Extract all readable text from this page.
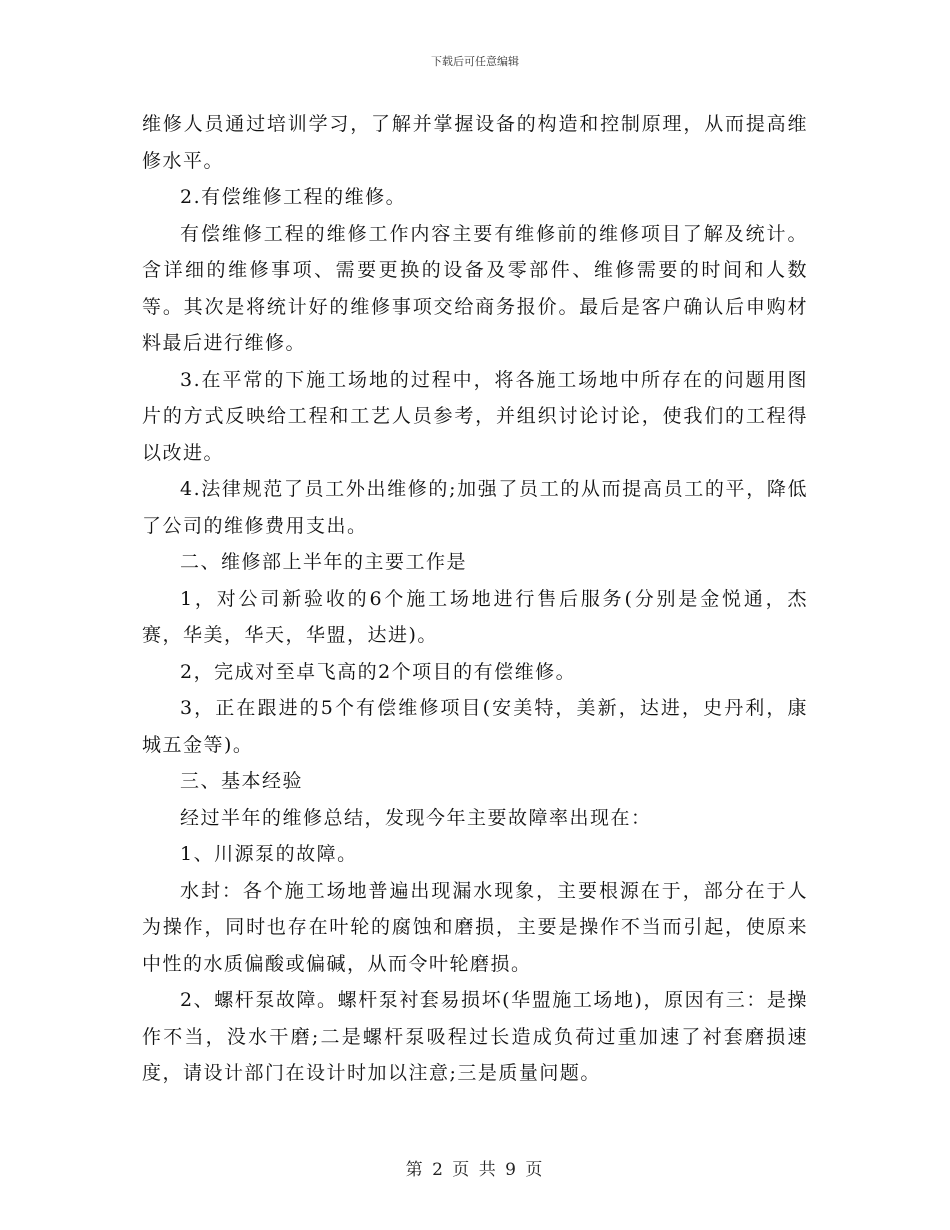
下载后可任意编辑

维修人员通过培训学习，了解并掌握设备的构造和控制原理，从而提高维修水平。

2.有偿维修工程的维修。

有偿维修工程的维修工作内容主要有维修前的维修项目了解及统计。含详细的维修事项、需要更换的设备及零部件、维修需要的时间和人数等。其次是将统计好的维修事项交给商务报价。最后是客户确认后申购材料最后进行维修。

3.在平常的下施工场地的过程中，将各施工场地中所存在的问题用图片的方式反映给工程和工艺人员参考，并组织讨论讨论，使我们的工程得以改进。

4.法律规范了员工外出维修的;加强了员工的从而提高员工的平，降低了公司的维修费用支出。

二、维修部上半年的主要工作是

1，对公司新验收的6个施工场地进行售后服务(分别是金悦通，杰赛，华美，华天，华盟，达进)。

2，完成对至卓飞高的2个项目的有偿维修。

3，正在跟进的5个有偿维修项目(安美特，美新，达进，史丹利，康城五金等)。

三、基本经验

经过半年的维修总结，发现今年主要故障率出现在：

1、川源泵的故障。

水封：各个施工场地普遍出现漏水现象，主要根源在于，部分在于人为操作，同时也存在叶轮的腐蚀和磨损，主要是操作不当而引起，使原来中性的水质偏酸或偏碱，从而令叶轮磨损。

2、螺杆泵故障。螺杆泵衬套易损坏(华盟施工场地)，原因有三：是操作不当，没水干磨;二是螺杆泵吸程过长造成负荷过重加速了衬套磨损速度，请设计部门在设计时加以注意;三是质量问题。

第 2 页 共 9 页
